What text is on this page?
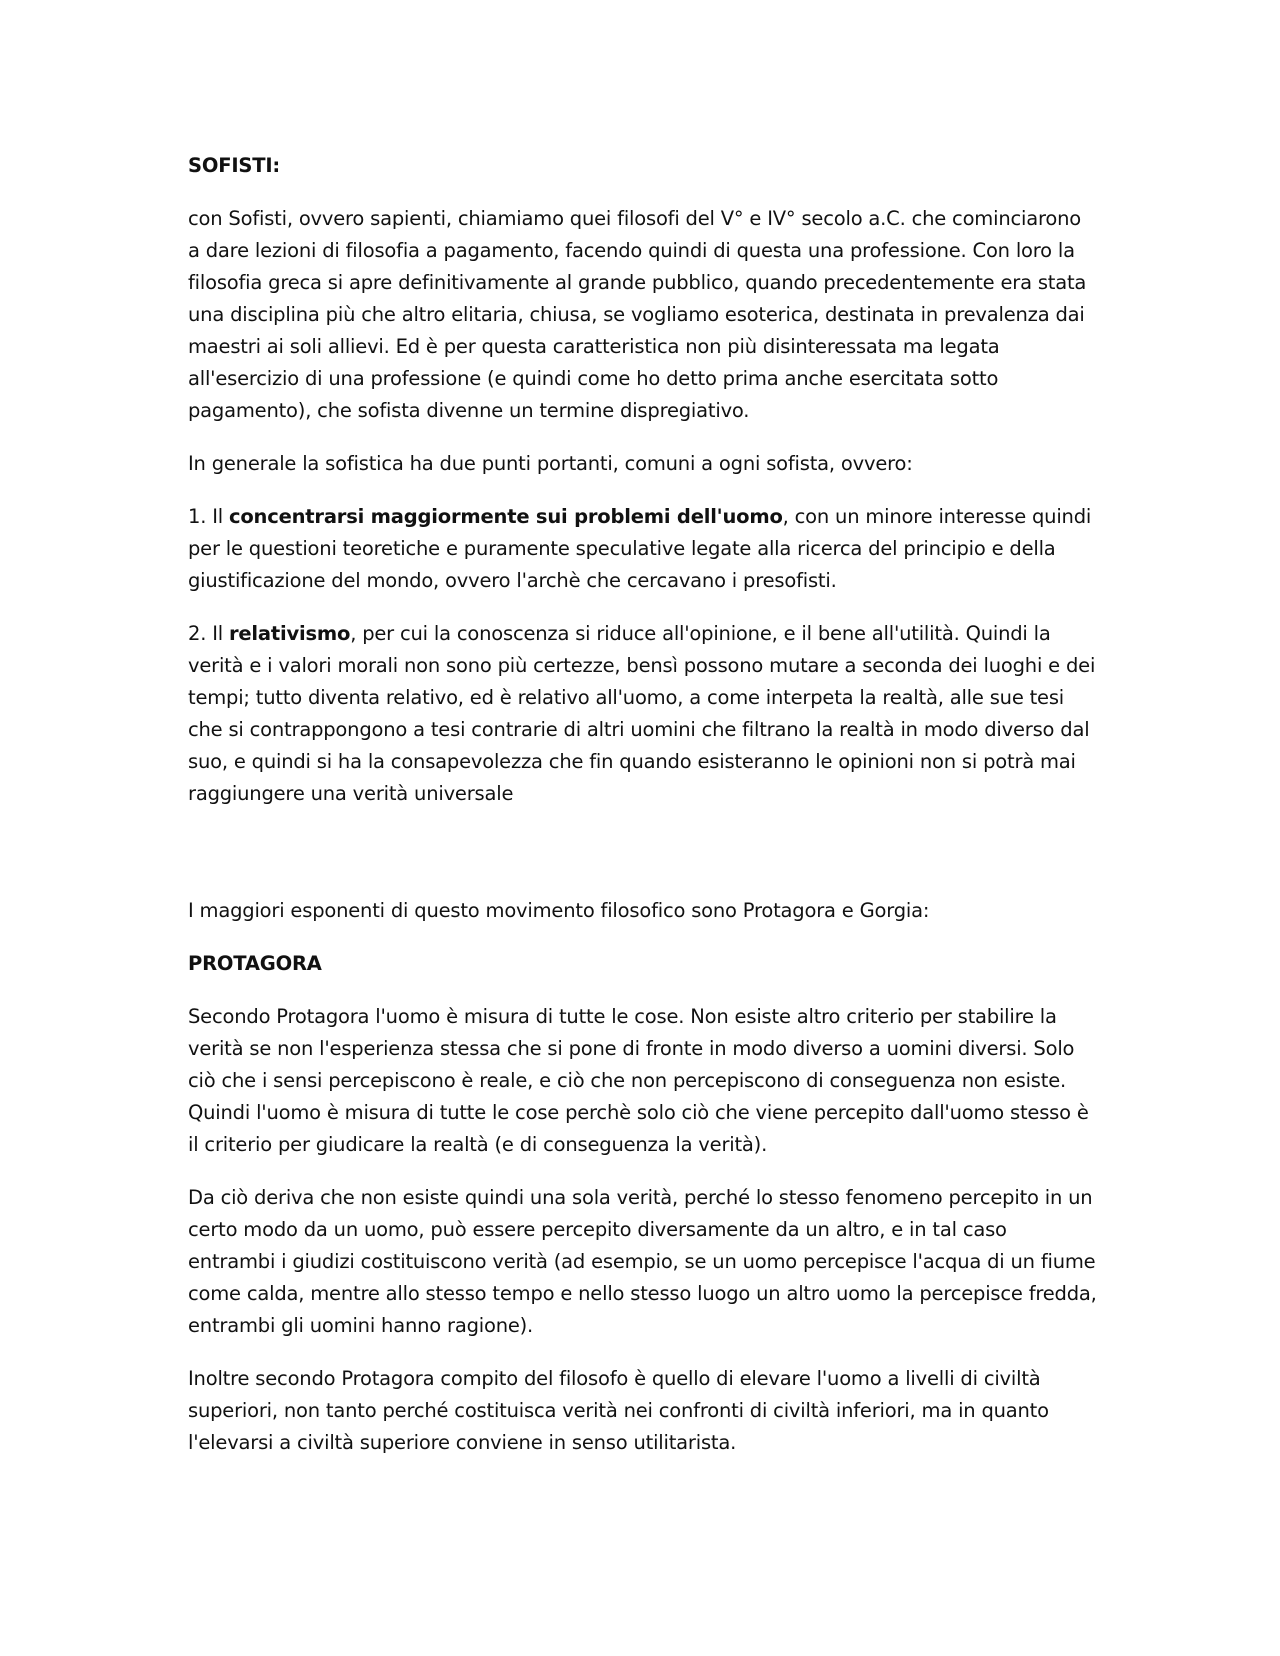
SOFISTI:

con Sofisti, ovvero sapienti, chiamiamo quei filosofi del V° e IV° secolo a.C. che cominciarono a dare lezioni di filosofia a pagamento, facendo quindi di questa una professione. Con loro la filosofia greca si apre definitivamente al grande pubblico, quando precedentemente era stata una disciplina più che altro elitaria, chiusa, se vogliamo esoterica, destinata in prevalenza dai maestri ai soli allievi. Ed è per questa caratteristica non più disinteressata ma legata all'esercizio di una professione (e quindi come ho detto prima anche esercitata sotto pagamento), che sofista divenne un termine dispregiativo.

In generale la sofistica ha due punti portanti, comuni a ogni sofista, ovvero:

1. Il concentrarsi maggiormente sui problemi dell'uomo, con un minore interesse quindi per le questioni teoretiche e puramente speculative legate alla ricerca del principio e della giustificazione del mondo, ovvero l'archè che cercavano i presofisti.

2. Il relativismo, per cui la conoscenza si riduce all'opinione, e il bene all'utilità. Quindi la verità e i valori morali non sono più certezze, bensì possono mutare a seconda dei luoghi e dei tempi; tutto diventa relativo, ed è relativo all'uomo, a come interpeta la realtà, alle sue tesi che si contrappongono a tesi contrarie di altri uomini che filtrano la realtà in modo diverso dal suo, e quindi si ha la consapevolezza che fin quando esisteranno le opinioni non si potrà mai raggiungere una verità universale

I maggiori esponenti di questo movimento filosofico sono Protagora e Gorgia:

PROTAGORA

Secondo Protagora l'uomo è misura di tutte le cose. Non esiste altro criterio per stabilire la verità se non l'esperienza stessa che si pone di fronte in modo diverso a uomini diversi. Solo ciò che i sensi percepiscono è reale, e ciò che non percepiscono di conseguenza non esiste. Quindi l'uomo è misura di tutte le cose perchè solo ciò che viene percepito dall'uomo stesso è il criterio per giudicare la realtà (e di conseguenza la verità).

Da ciò deriva che non esiste quindi una sola verità, perché lo stesso fenomeno percepito in un certo modo da un uomo, può essere percepito diversamente da un altro, e in tal caso entrambi i giudizi costituiscono verità (ad esempio, se un uomo percepisce l'acqua di un fiume come calda, mentre allo stesso tempo e nello stesso luogo un altro uomo la percepisce fredda, entrambi gli uomini hanno ragione).

Inoltre secondo Protagora compito del filosofo è quello di elevare l'uomo a livelli di civiltà superiori, non tanto perché costituisca verità nei confronti di civiltà inferiori, ma in quanto l'elevarsi a civiltà superiore conviene in senso utilitarista.
